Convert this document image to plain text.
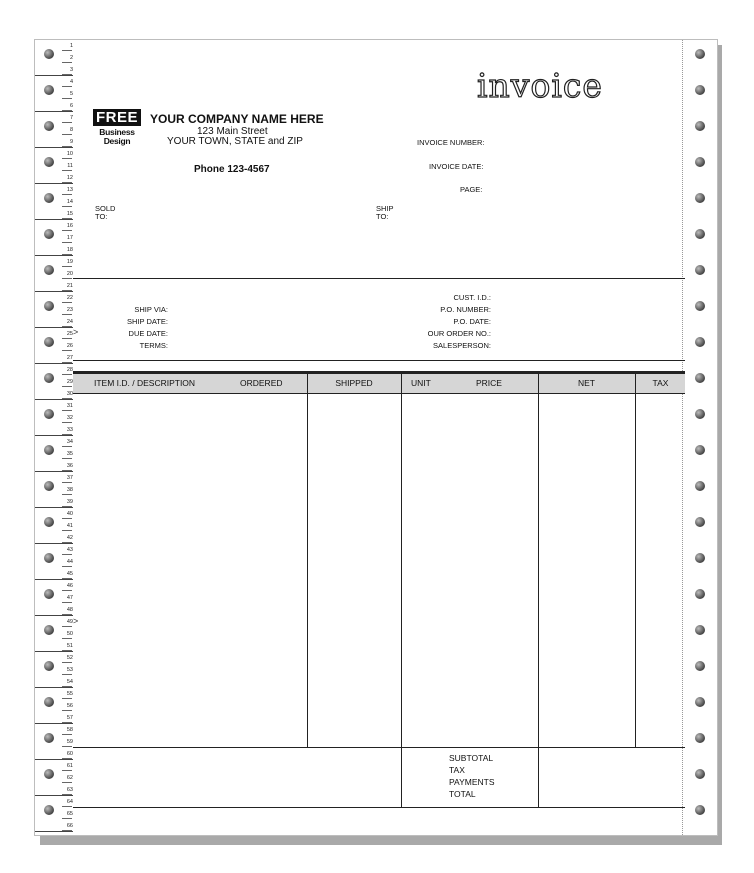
1
2
3
4
5
6
7
8
9
10
11
12
13
14
15
16
17
18
19
20
21
22
23
24
25
26
27
28
29
30
31
32
33
34
35
36
37
38
39
40
41
42
43
44
45
46
47
48
49
50
51
52
53
54
55
56
57
58
59
60
61
62
63
64
65
66
>
>
invoice
FREE
Business
Design
YOUR COMPANY NAME HERE
123 Main Street
YOUR TOWN, STATE and ZIP
Phone 123-4567
INVOICE NUMBER:
INVOICE DATE:
PAGE:
SOLD
TO:
SHIP
TO:
SHIP VIA:
SHIP DATE:
DUE DATE:
TERMS:
CUST. I.D.:
P.O. NUMBER:
P.O. DATE:
OUR ORDER NO.:
SALESPERSON:
ITEM I.D. / DESCRIPTION	ORDERED	SHIPPED	UNIT	PRICE	NET	TAX
SUBTOTAL
TAX
PAYMENTS
TOTAL
